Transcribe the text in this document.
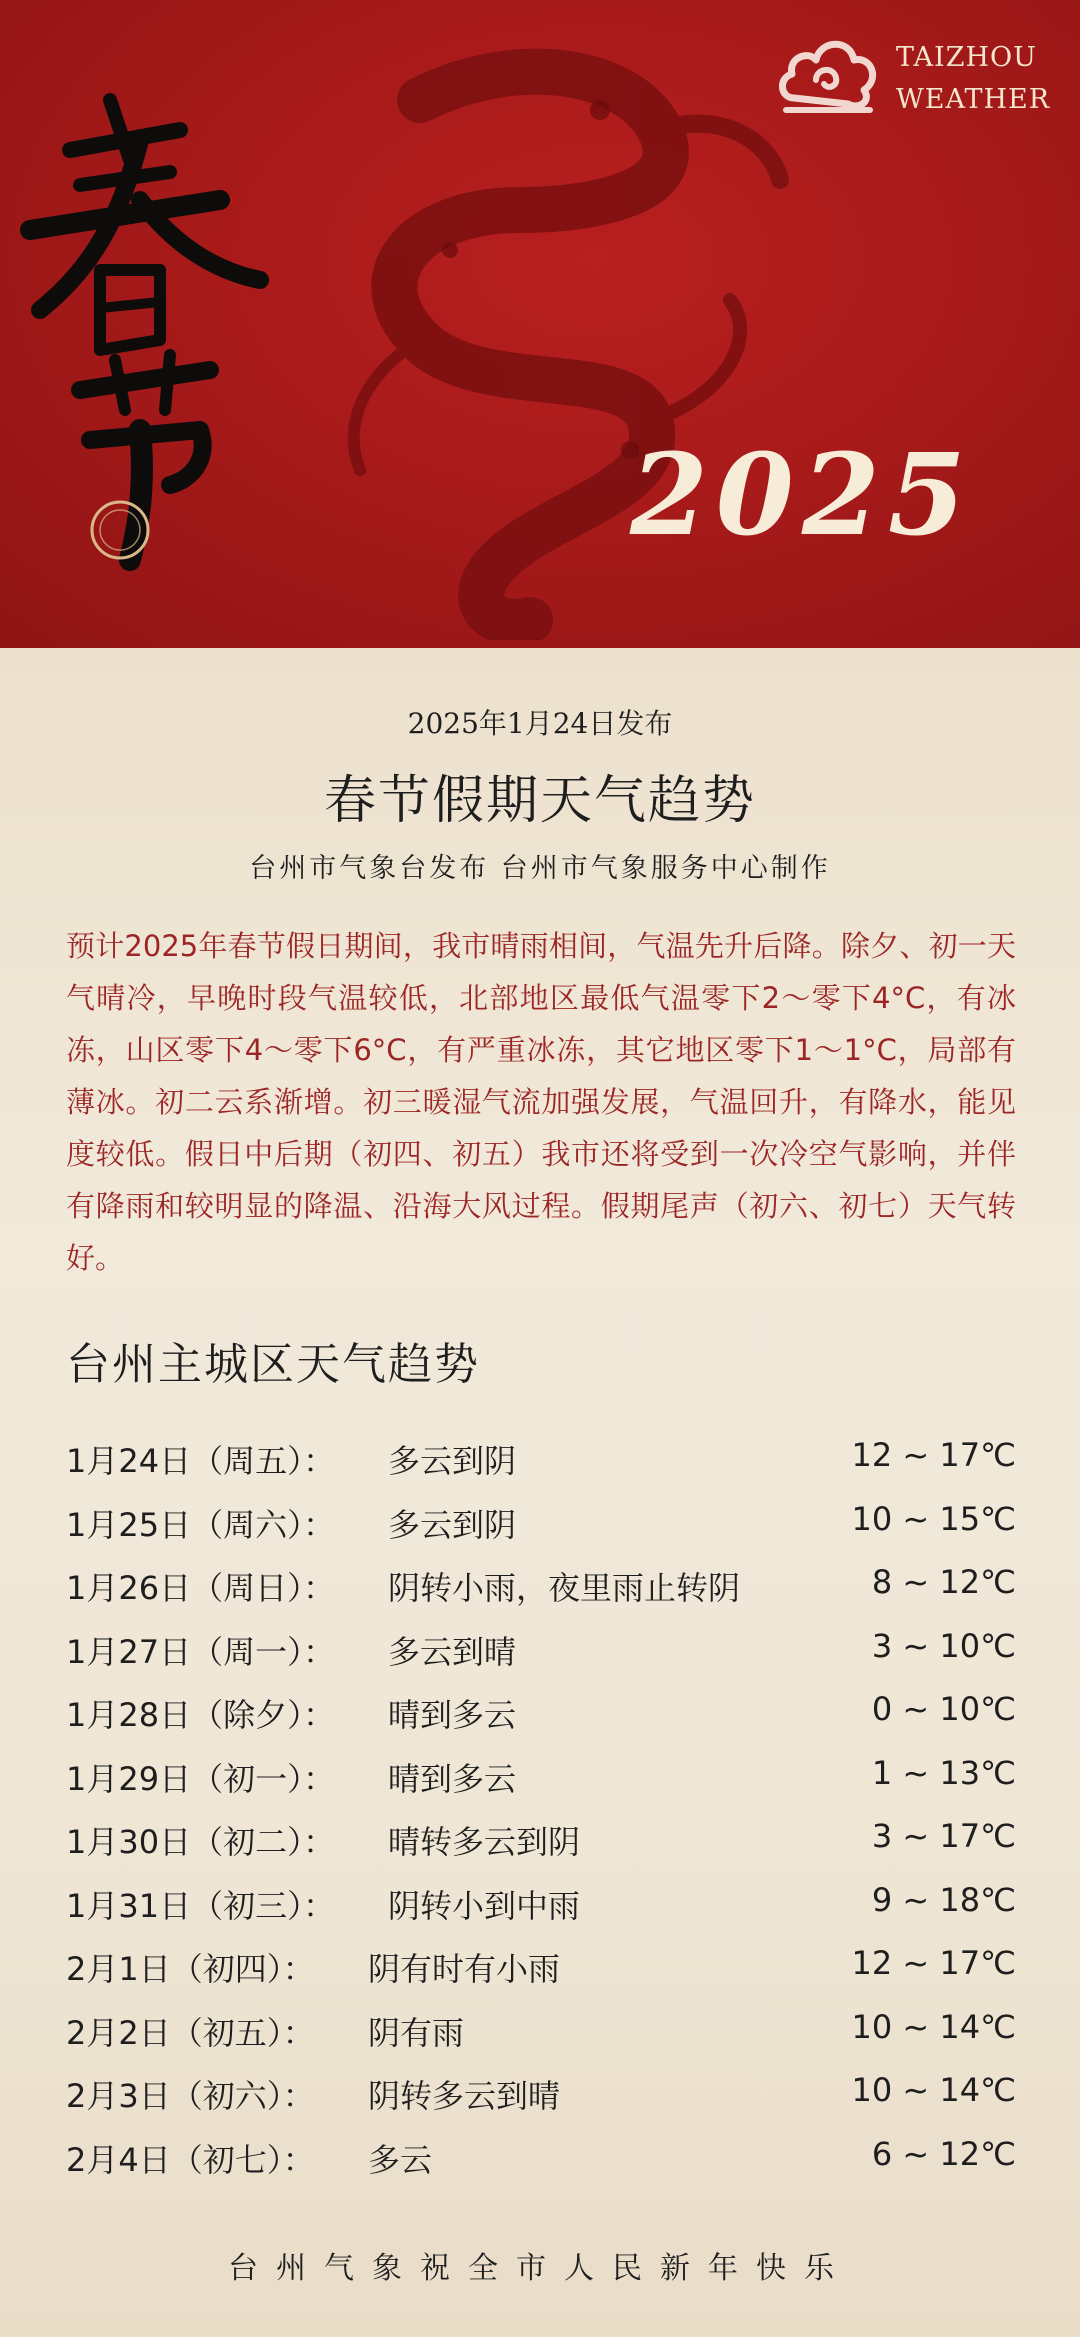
TAIZHOU
WEATHER
2025
2025年1月24日发布
春节假期天气趋势
台州市气象台发布 台州市气象服务中心制作
预计2025年春节假日期间，我市晴雨相间，气温先升后降。除夕、初一天气晴冷，早晚时段气温较低，北部地区最低气温零下2～零下4°C，有冰冻，山区零下4～零下6°C，有严重冰冻，其它地区零下1～1°C，局部有薄冰。初二云系渐增。初三暖湿气流加强发展，气温回升，有降水，能见度较低。假日中后期（初四、初五）我市还将受到一次冷空气影响，并伴有降雨和较明显的降温、沿海大风过程。假期尾声（初六、初七）天气转好。
台州主城区天气趋势
1月24日（周五）： 多云到阴	12 ~ 17℃
1月25日（周六）： 多云到阴	10 ~ 15℃
1月26日（周日）： 阴转小雨，夜里雨止转阴	8 ~ 12℃
1月27日（周一）： 多云到晴	3 ~ 10℃
1月28日（除夕）： 晴到多云	0 ~ 10℃
1月29日（初一）： 晴到多云	1 ~ 13℃
1月30日（初二）： 晴转多云到阴	3 ~ 17℃
1月31日（初三）： 阴转小到中雨	9 ~ 18℃
2月1日（初四）： 阴有时有小雨	12 ~ 17℃
2月2日（初五）： 阴有雨	10 ~ 14℃
2月3日（初六）： 阴转多云到晴	10 ~ 14℃
2月4日（初七）： 多云	6 ~ 12℃
台州气象祝全市人民新年快乐
